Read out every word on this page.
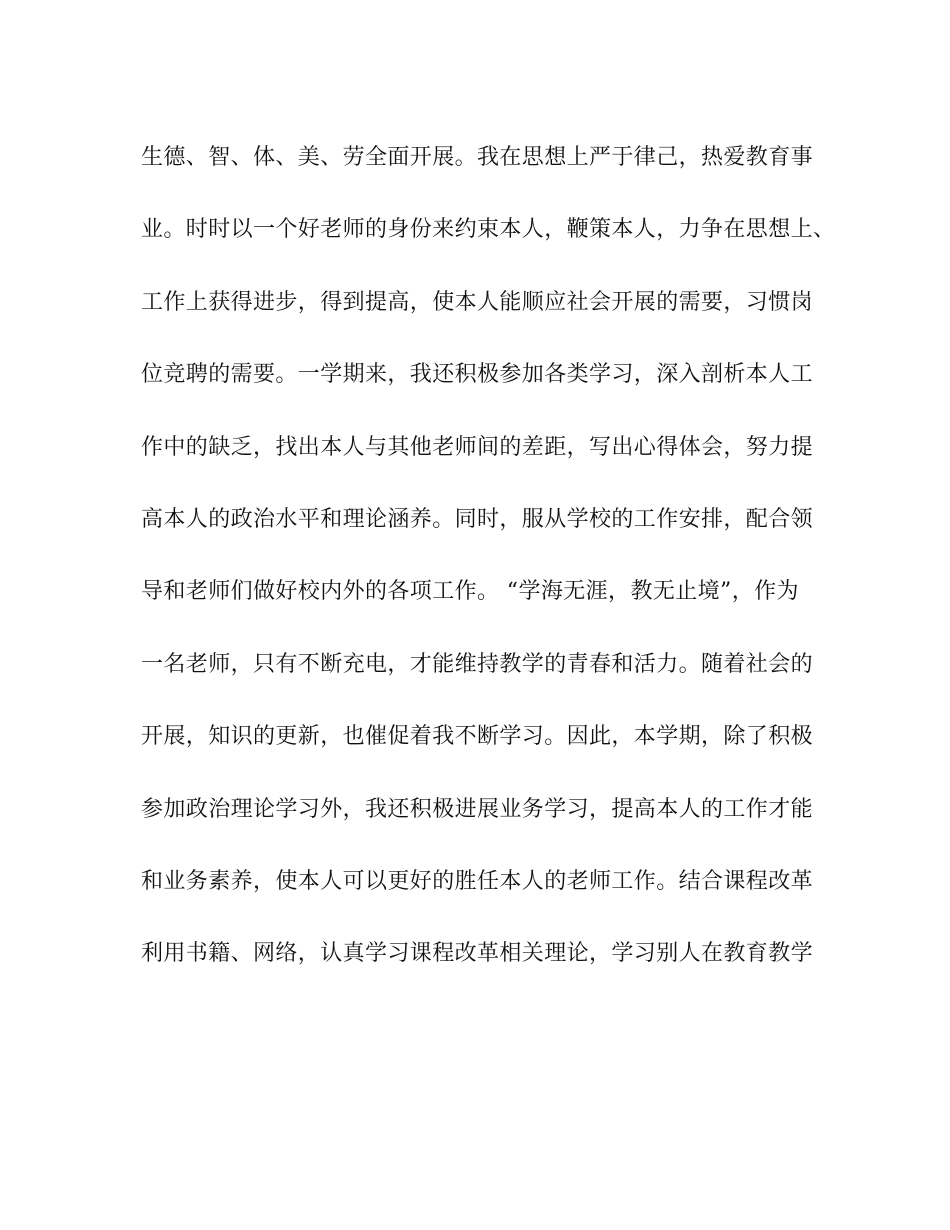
生德、智、体、美、劳全面开展。我在思想上严于律己，热爱教育事
业。时时以一个好老师的身份来约束本人，鞭策本人，力争在思想上、
工作上获得进步，得到提高，使本人能顺应社会开展的需要，习惯岗
位竞聘的需要。一学期来，我还积极参加各类学习，深入剖析本人工
作中的缺乏，找出本人与其他老师间的差距，写出心得体会，努力提
高本人的政治水平和理论涵养。同时，服从学校的工作安排，配合领
导和老师们做好校内外的各项工作。 “学海无涯，教无止境”，作为
一名老师，只有不断充电，才能维持教学的青春和活力。随着社会的
开展，知识的更新，也催促着我不断学习。因此，本学期，除了积极
参加政治理论学习外，我还积极进展业务学习，提高本人的工作才能
和业务素养，使本人可以更好的胜任本人的老师工作。结合课程改革
利用书籍、网络，认真学习课程改革相关理论，学习别人在教育教学
